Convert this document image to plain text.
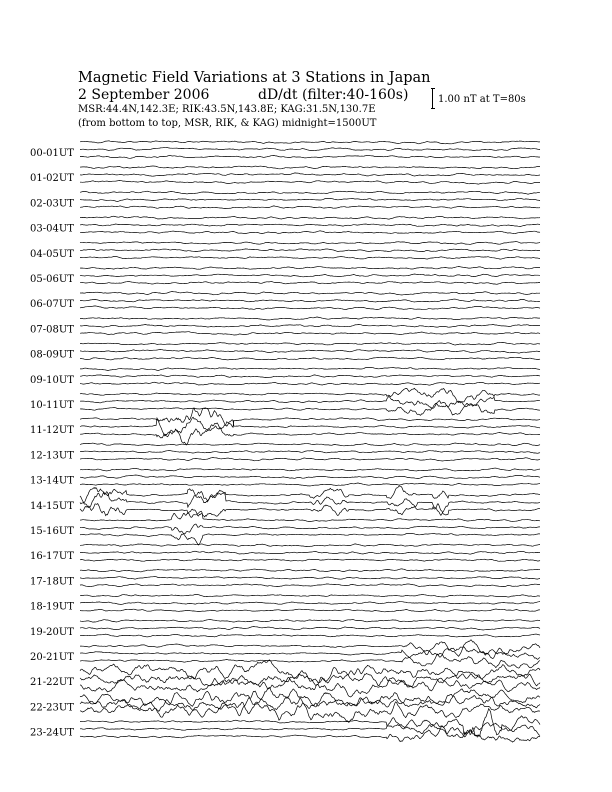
Magnetic Field Variations at 3 Stations in Japan
2 September 2006	dD/dt (filter:40-160s)
MSR:44.4N,142.3E; RIK:43.5N,143.8E; KAG:31.5N,130.7E
(from bottom to top, MSR, RIK, & KAG) midnight=1500UT
1.00 nT at T=80s
00-01UT
01-02UT
02-03UT
03-04UT
04-05UT
05-06UT
06-07UT
07-08UT
08-09UT
09-10UT
10-11UT
11-12UT
12-13UT
13-14UT
14-15UT
15-16UT
16-17UT
17-18UT
18-19UT
19-20UT
20-21UT
21-22UT
22-23UT
23-24UT
